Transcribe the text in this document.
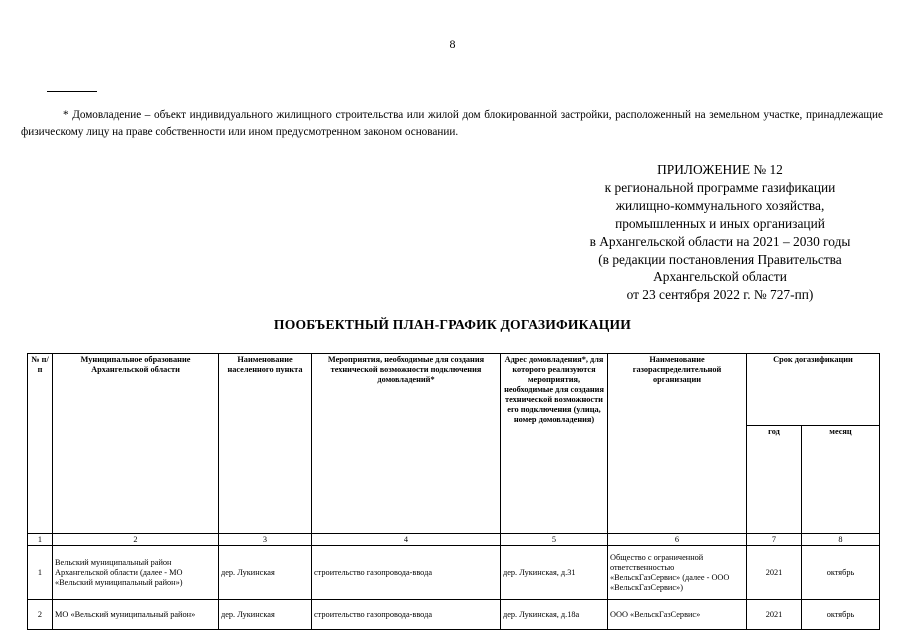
8
* Домовладение – объект индивидуального жилищного строительства или жилой дом блокированной застройки, расположенный на земельном участке, принадлежащие физическому лицу на праве собственности или ином предусмотренном законом основании.
ПРИЛОЖЕНИЕ № 12
к региональной программе газификации
жилищно-коммунального хозяйства,
промышленных и иных организаций
в Архангельской области на 2021 – 2030 годы
(в редакции постановления Правительства
Архангельской области
от 23 сентября 2022 г. № 727-пп)
ПООБЪЕКТНЫЙ ПЛАН-ГРАФИК ДОГАЗИФИКАЦИИ
№ п/п	Муниципальное образование Архангельской области	Наименование населенного пункта	Мероприятия, необходимые для создания технической возможности подключения домовладений*	Адрес домовладения*, для которого реализуются мероприятия, необходимые для создания технической возможности его подключения (улица, номер домовладения)	Наименование газораспределительной организации	Срок догазификации	
						год	месяц
1	2	3	4	5	6	7	8
1	Вельский муниципальный район Архангельской области (далее - МО «Вельский муниципальный район»)	дер. Лукинская	строительство газопровода-ввода	дер. Лукинская, д.31	Общество с ограниченной ответственностью «ВельскГазСервис» (далее - ООО «ВельскГазСервис»)	2021	октябрь
2	МО «Вельский муниципальный район»	дер. Лукинская	строительство газопровода-ввода	дер. Лукинская, д.18а	ООО «ВельскГазСервис»	2021	октябрь
